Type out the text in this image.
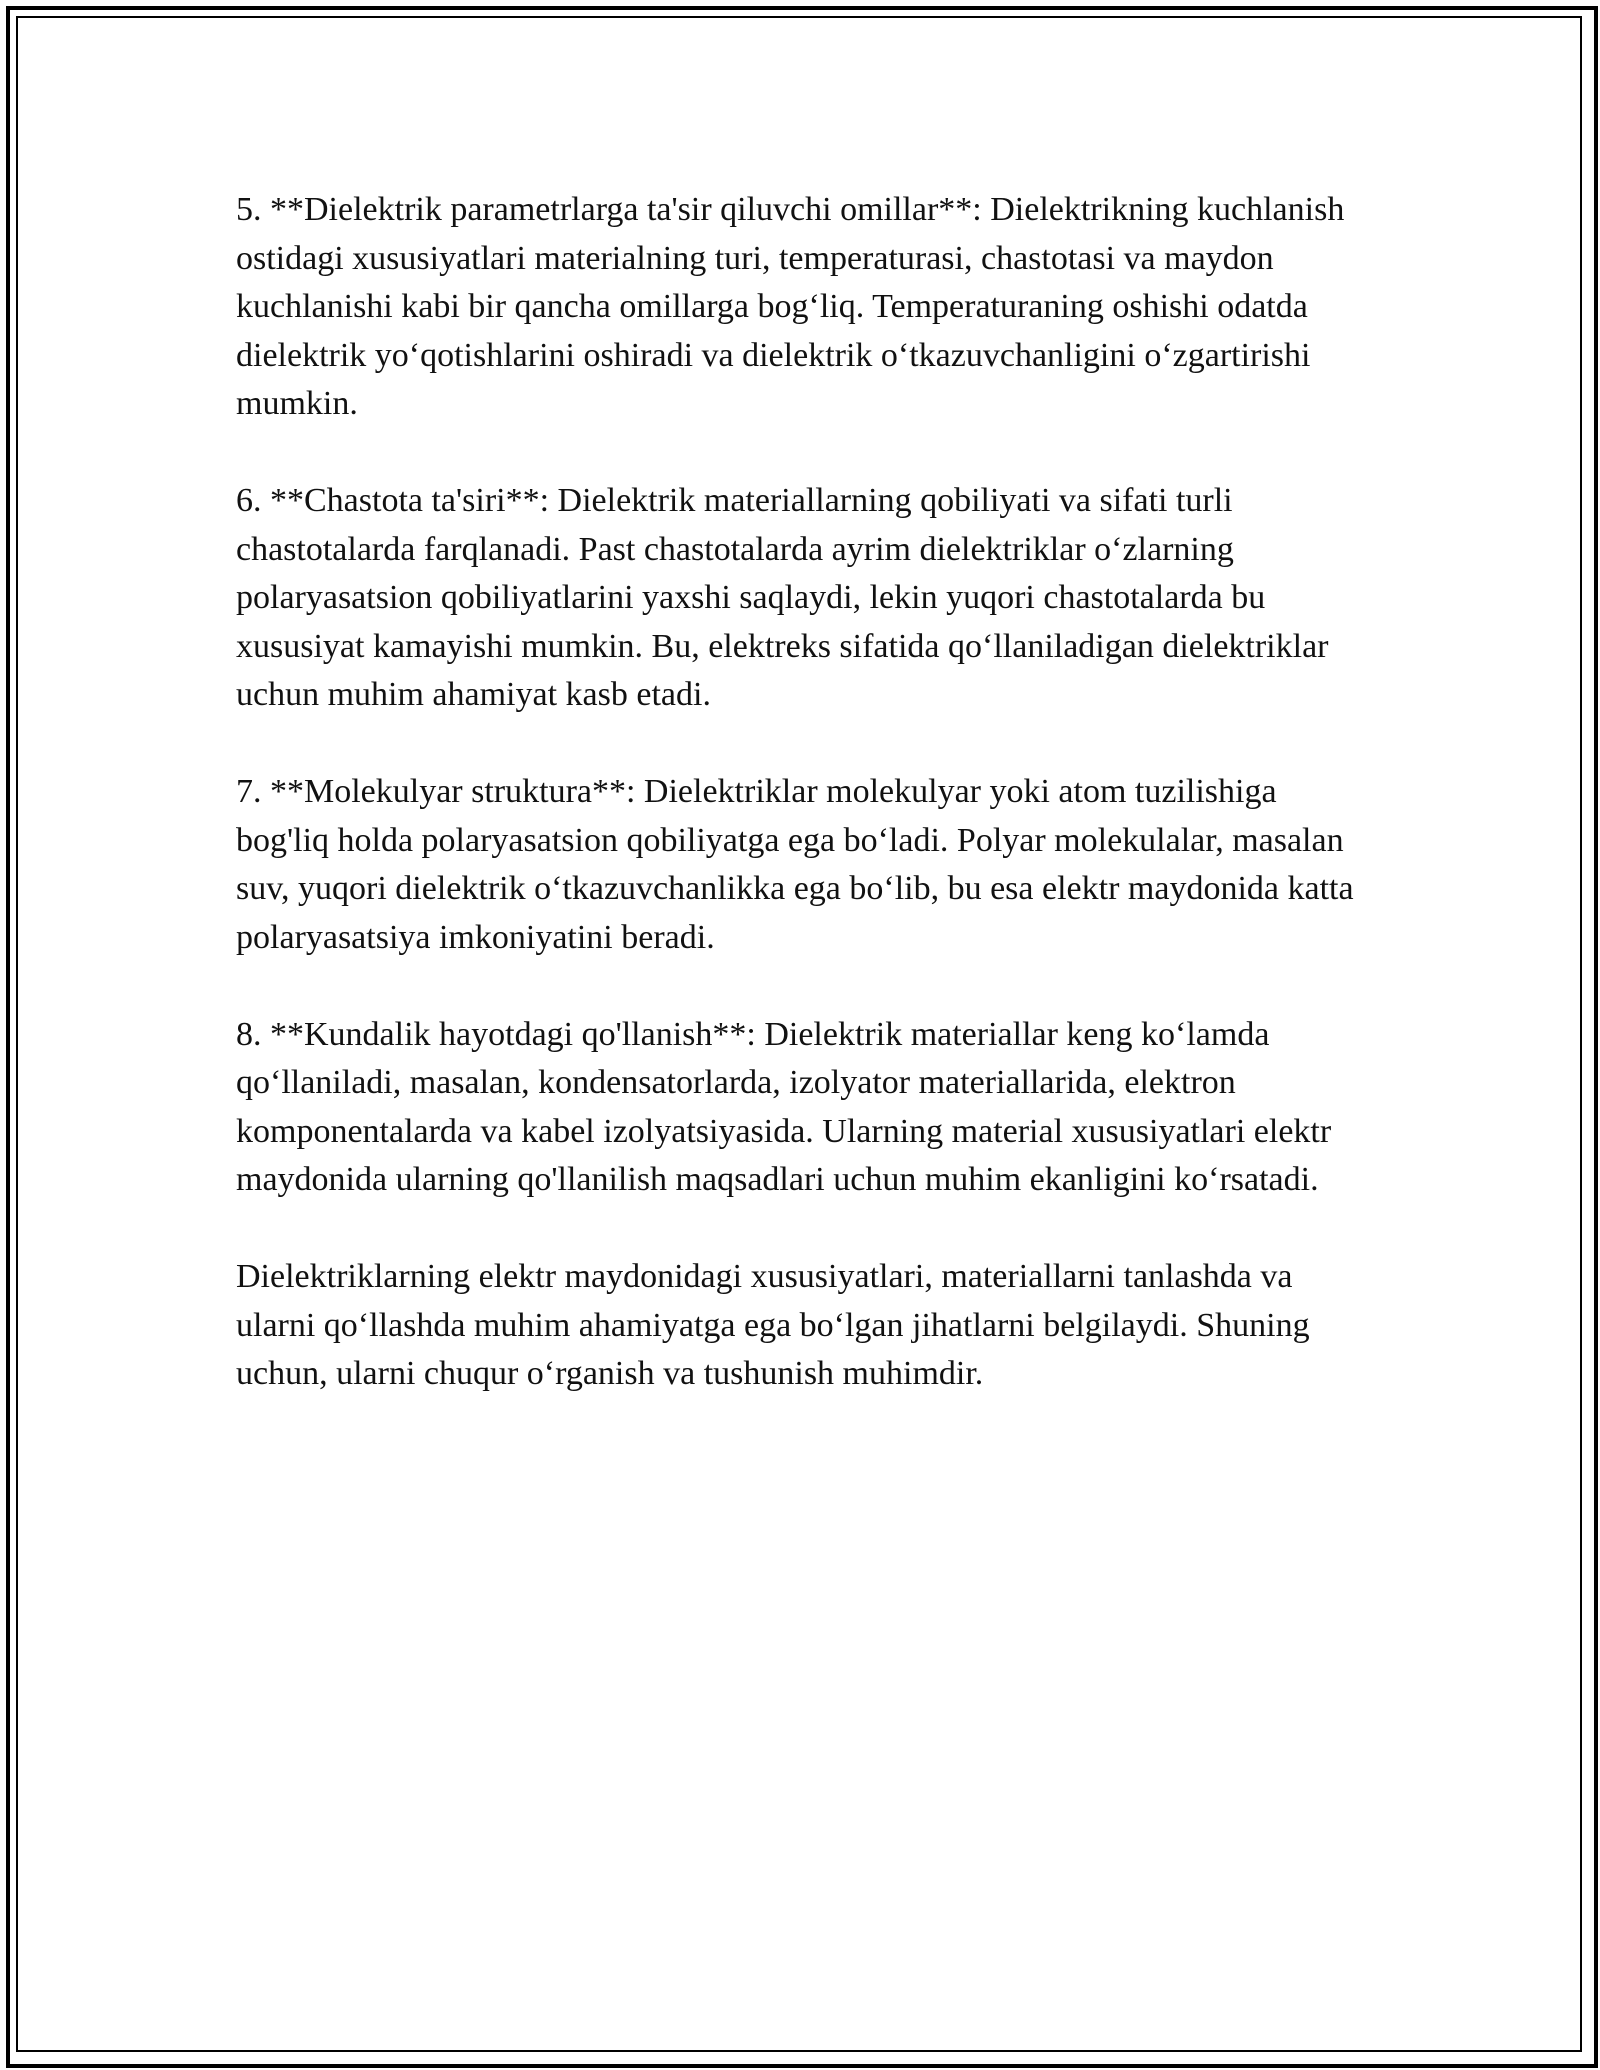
5. **Dielektrik parametrlarga ta'sir qiluvchi omillar**: Dielektrikning kuchlanish ostidagi xususiyatlari materialning turi, temperaturasi, chastotasi va maydon kuchlanishi kabi bir qancha omillarga bog‘liq. Temperaturaning oshishi odatda dielektrik yo‘qotishlarini oshiradi va dielektrik o‘tkazuvchanligini o‘zgartirishi mumkin.

6. **Chastota ta'siri**: Dielektrik materiallarning qobiliyati va sifati turli chastotalarda farqlanadi. Past chastotalarda ayrim dielektriklar o‘zlarning polaryasatsion qobiliyatlarini yaxshi saqlaydi, lekin yuqori chastotalarda bu xususiyat kamayishi mumkin. Bu, elektreks sifatida qo‘llaniladigan dielektriklar uchun muhim ahamiyat kasb etadi.

7. **Molekulyar struktura**: Dielektriklar molekulyar yoki atom tuzilishiga bog'liq holda polaryasatsion qobiliyatga ega bo‘ladi. Polyar molekulalar, masalan suv, yuqori dielektrik o‘tkazuvchanlikka ega bo‘lib, bu esa elektr maydonida katta polaryasatsiya imkoniyatini beradi.

8. **Kundalik hayotdagi qo'llanish**: Dielektrik materiallar keng ko‘lamda qo‘llaniladi, masalan, kondensatorlarda, izolyator materiallarida, elektron komponentalarda va kabel izolyatsiyasida. Ularning material xususiyatlari elektr maydonida ularning qo'llanilish maqsadlari uchun muhim ekanligini ko‘rsatadi.

Dielektriklarning elektr maydonidagi xususiyatlari, materiallarni tanlashda va ularni qo‘llashda muhim ahamiyatga ega bo‘lgan jihatlarni belgilaydi. Shuning uchun, ularni chuqur o‘rganish va tushunish muhimdir.
